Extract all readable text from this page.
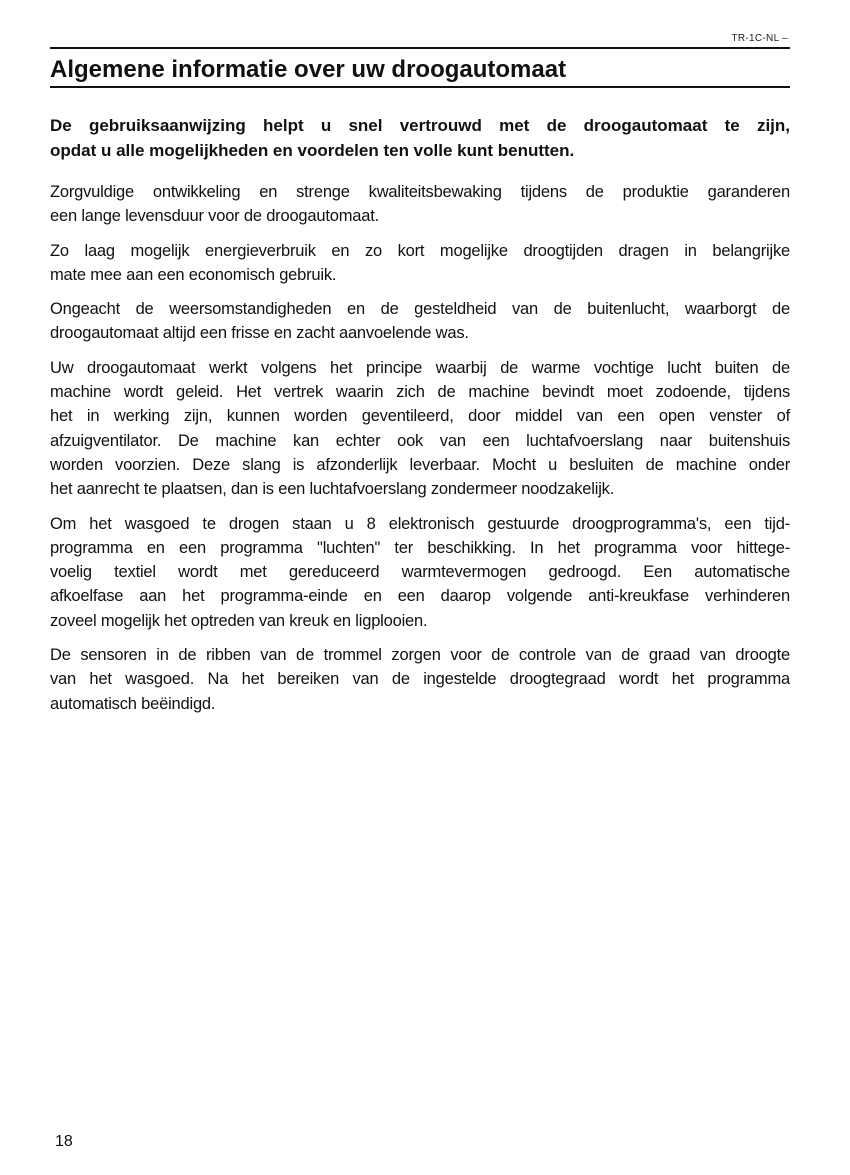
TR-1C-NL –
Algemene informatie over uw droogautomaat
De gebruiksaanwijzing helpt u snel vertrouwd met de droogautomaat te zijn,
opdat u alle mogelijkheden en voordelen ten volle kunt benutten.
Zorgvuldige ontwikkeling en strenge kwaliteitsbewaking tijdens de produktie garanderen
een lange levensduur voor de droogautomaat.
Zo laag mogelijk energieverbruik en zo kort mogelijke droogtijden dragen in belangrijke
mate mee aan een economisch gebruik.
Ongeacht de weersomstandigheden en de gesteldheid van de buitenlucht, waarborgt de
droogautomaat altijd een frisse en zacht aanvoelende was.
Uw droogautomaat werkt volgens het principe waarbij de warme vochtige lucht buiten de
machine wordt geleid. Het vertrek waarin zich de machine bevindt moet zodoende, tijdens
het in werking zijn, kunnen worden geventileerd, door middel van een open venster of
afzuigventilator. De machine kan echter ook van een luchtafvoerslang naar buitenshuis
worden voorzien. Deze slang is afzonderlijk leverbaar. Mocht u besluiten de machine onder
het aanrecht te plaatsen, dan is een luchtafvoerslang zondermeer noodzakelijk.
Om het wasgoed te drogen staan u 8 elektronisch gestuurde droogprogramma's, een tijd-
programma en een programma "luchten" ter beschikking. In het programma voor hittege-
voelig textiel wordt met gereduceerd warmtevermogen gedroogd. Een automatische
afkoelfase aan het programma-einde en een daarop volgende anti-kreukfase verhinderen
zoveel mogelijk het optreden van kreuk en ligplooien.
De sensoren in de ribben van de trommel zorgen voor de controle van de graad van droogte
van het wasgoed. Na het bereiken van de ingestelde droogtegraad wordt het programma
automatisch beëindigd.
18
